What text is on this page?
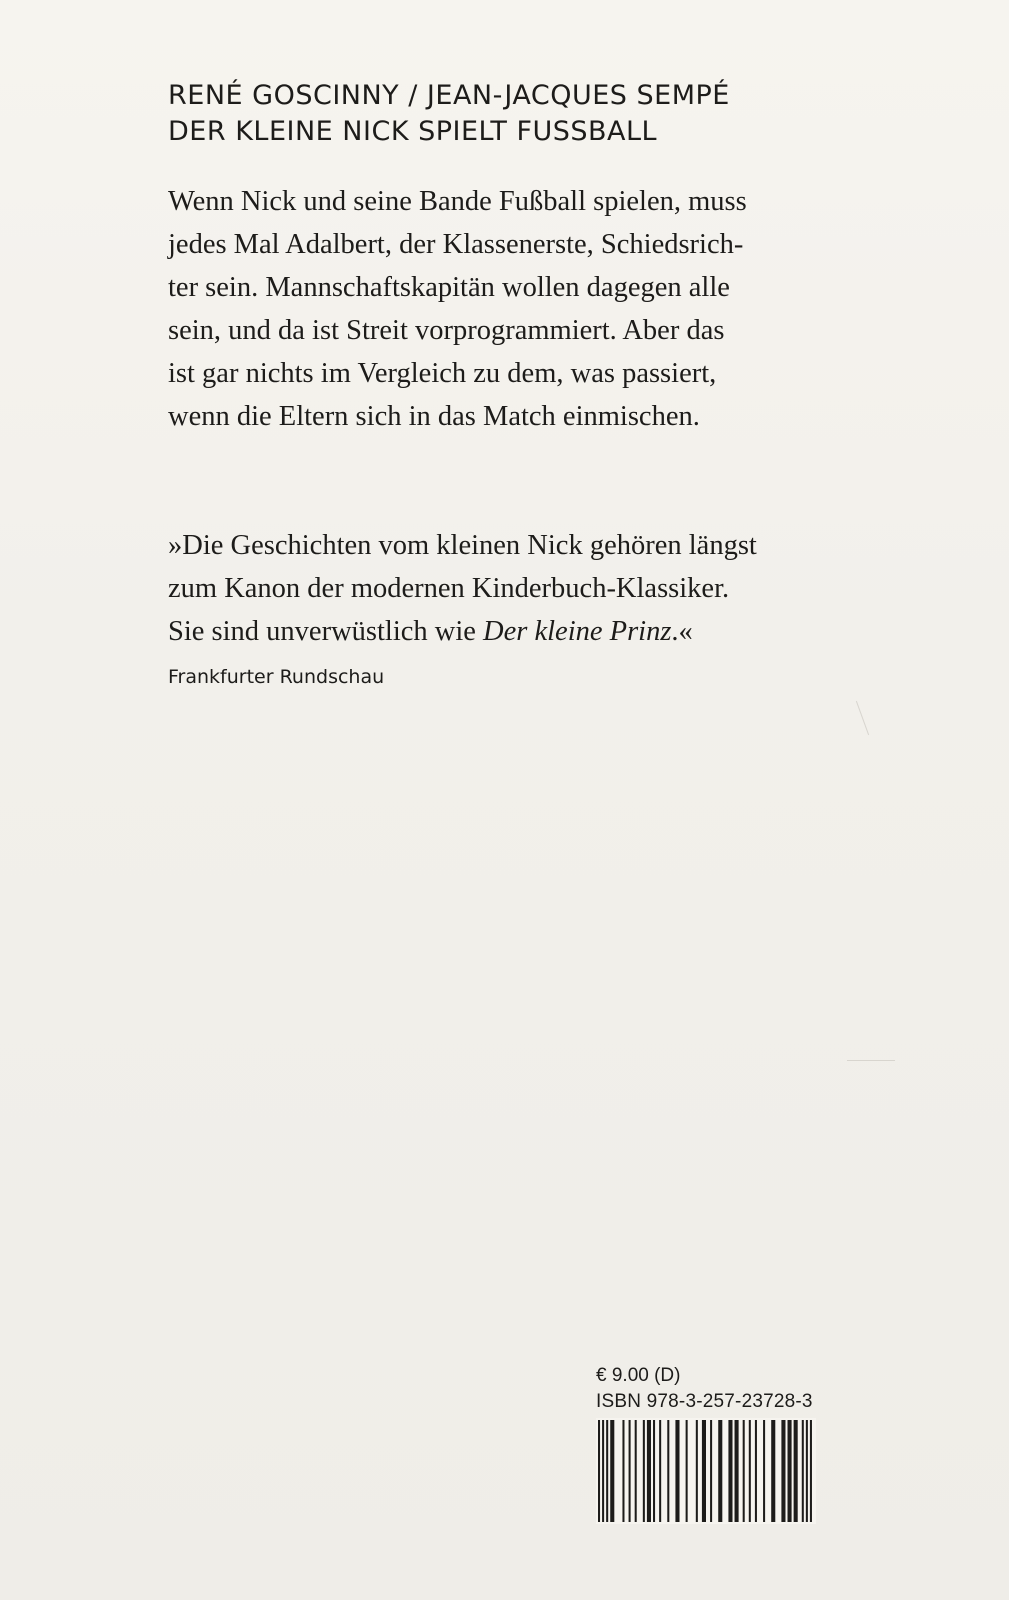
RENÉ GOSCINNY / JEAN-JACQUES SEMPÉ
DER KLEINE NICK SPIELT FUSSBALL
Wenn Nick und seine Bande Fußball spielen, muss
jedes Mal Adalbert, der Klassenerste, Schiedsrich-
ter sein. Mannschaftskapitän wollen dagegen alle
sein, und da ist Streit vorprogrammiert. Aber das
ist gar nichts im Vergleich zu dem, was passiert,
wenn die Eltern sich in das Match einmischen.
»Die Geschichten vom kleinen Nick gehören längst
zum Kanon der modernen Kinderbuch-Klassiker.
Sie sind unverwüstlich wie Der kleine Prinz.«
Frankfurter Rundschau
€ 9.00 (D)
ISBN 978-3-257-23728-3
